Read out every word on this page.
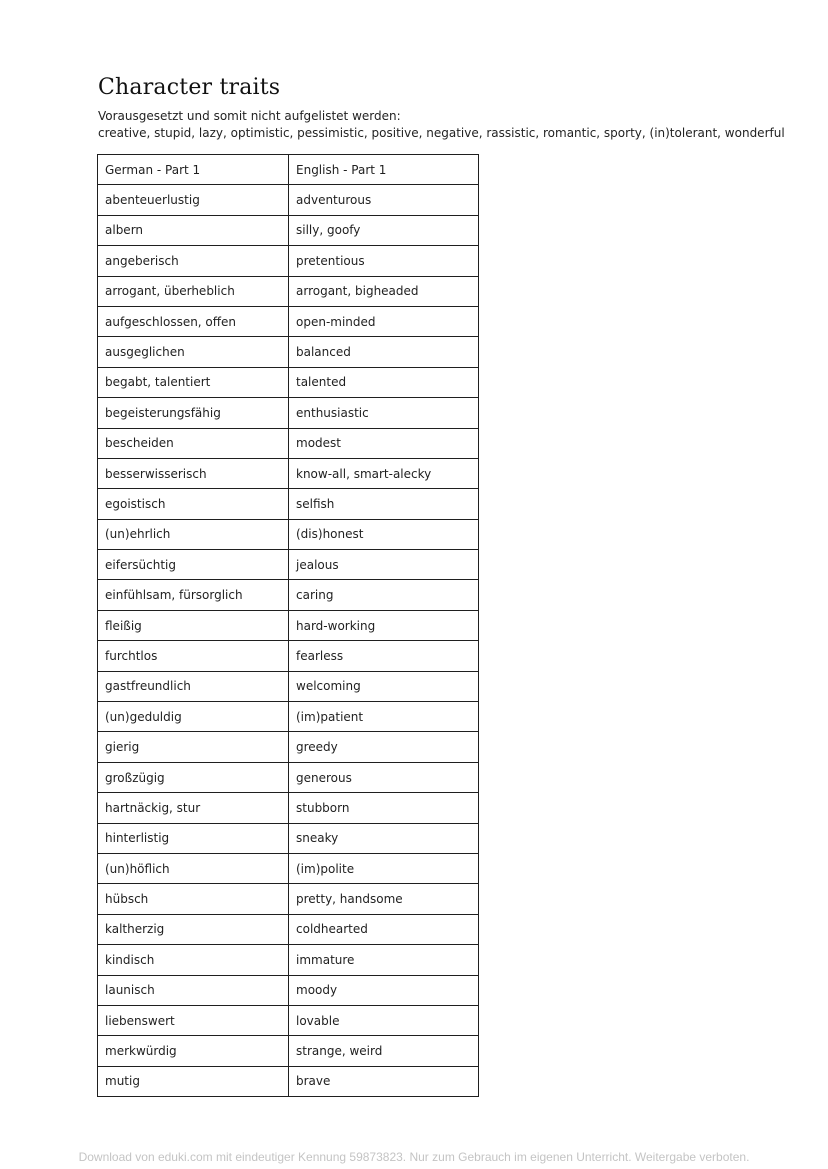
Character traits

Vorausgesetzt und somit nicht aufgelistet werden:

creative, stupid, lazy, optimistic, pessimistic, positive, negative, rassistic, romantic, sporty, (in)tolerant, wonderful

German - Part 1	English - Part 1
abenteuerlustig	adventurous
albern	silly, goofy
angeberisch	pretentious
arrogant, überheblich	arrogant, bigheaded
aufgeschlossen, offen	open-minded
ausgeglichen	balanced
begabt, talentiert	talented
begeisterungsfähig	enthusiastic
bescheiden	modest
besserwisserisch	know-all, smart-alecky
egoistisch	selfish
(un)ehrlich	(dis)honest
eifersüchtig	jealous
einfühlsam, fürsorglich	caring
fleißig	hard-working
furchtlos	fearless
gastfreundlich	welcoming
(un)geduldig	(im)patient
gierig	greedy
großzügig	generous
hartnäckig, stur	stubborn
hinterlistig	sneaky
(un)höflich	(im)polite
hübsch	pretty, handsome
kaltherzig	coldhearted
kindisch	immature
launisch	moody
liebenswert	lovable
merkwürdig	strange, weird
mutig	brave
Download von eduki.com mit eindeutiger Kennung 59873823. Nur zum Gebrauch im eigenen Unterricht. Weitergabe verboten.
